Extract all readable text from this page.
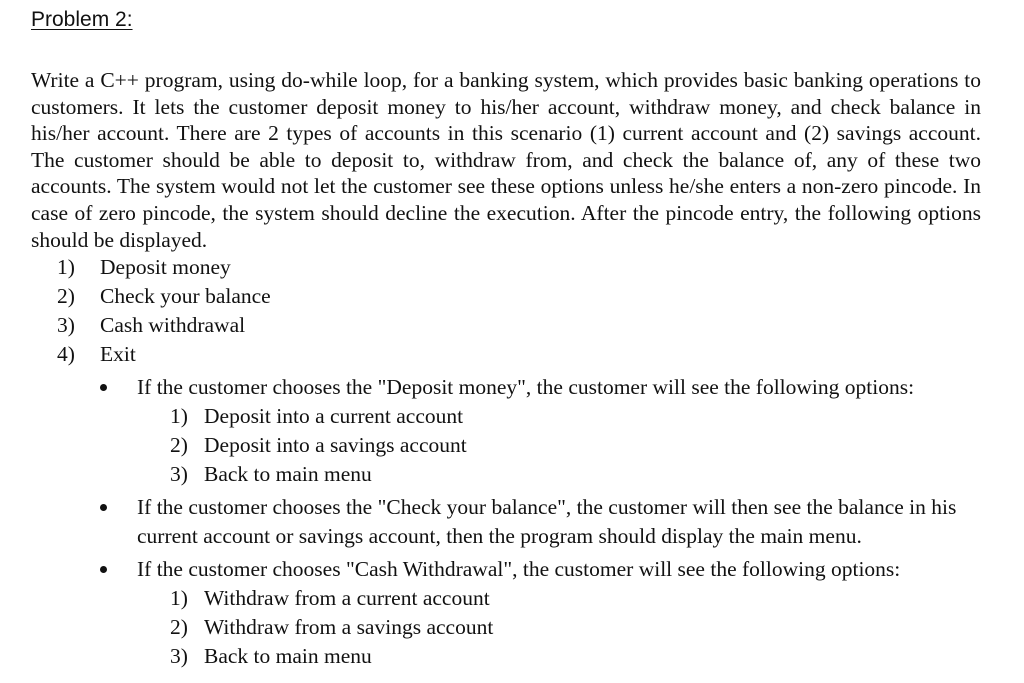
Problem 2:

Write a C++ program, using do-while loop, for a banking system, which provides basic banking operations to customers. It lets the customer deposit money to his/her account, withdraw money, and check balance in his/her account. There are 2 types of accounts in this scenario (1) current account and (2) savings account. The customer should be able to deposit to, withdraw from, and check the balance of, any of these two accounts. The system would not let the customer see these options unless he/she enters a non-zero pincode. In case of zero pincode, the system should decline the execution. After the pincode entry, the following options should be displayed.

1) Deposit money
2) Check your balance
3) Cash withdrawal
4) Exit
If the customer chooses the "Deposit money", the customer will see the following options:
1) Deposit into a current account
2) Deposit into a savings account
3) Back to main menu
If the customer chooses the "Check your balance", the customer will then see the balance in his current account or savings account, then the program should display the main menu.
If the customer chooses "Cash Withdrawal", the customer will see the following options:
1) Withdraw from a current account
2) Withdraw from a savings account
3) Back to main menu
